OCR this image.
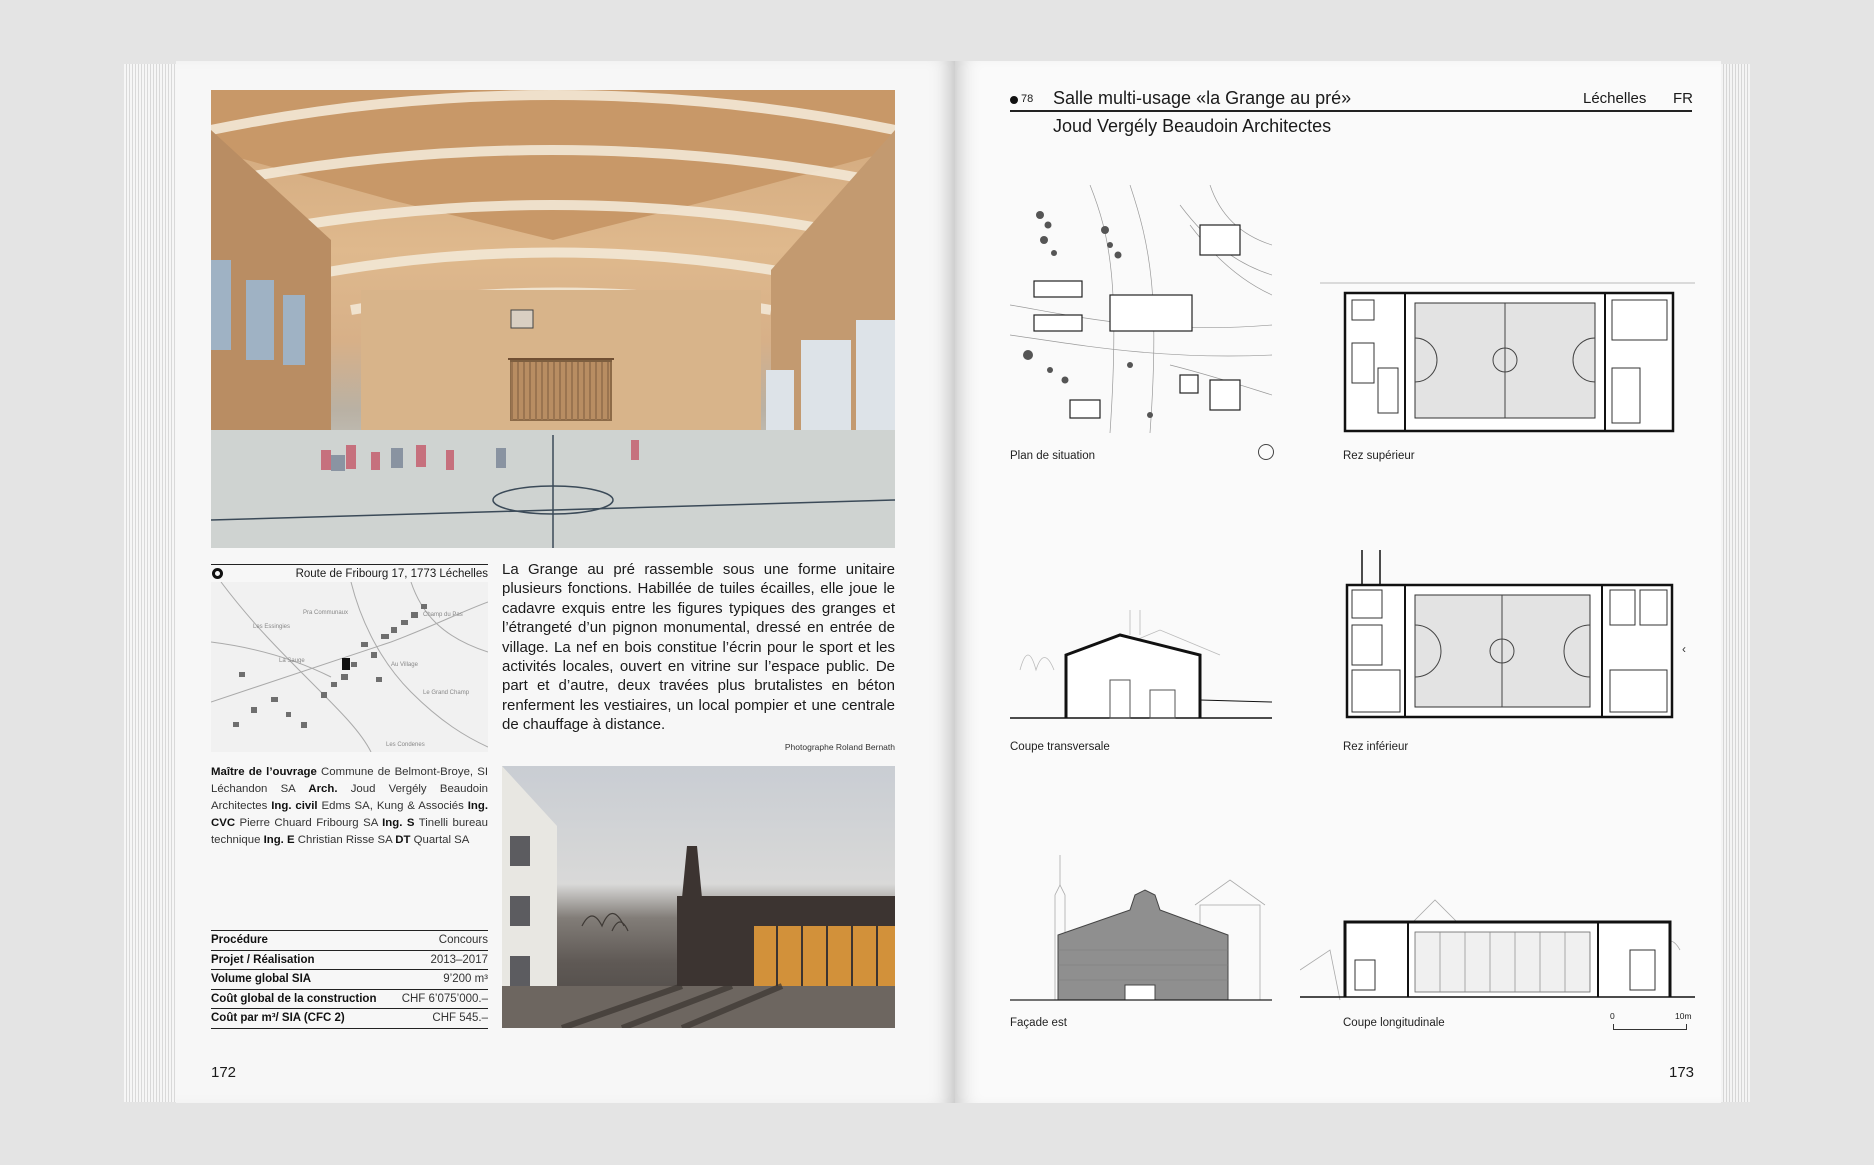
Route de Fribourg 17, 1773 Léchelles
Pra Communaux
Les Essingies
La Sauge
Au Village
Le Grand Champ
Les Condenes
Champ du Pas
La Grange au pré rassemble sous une forme unitaire plusieurs fonctions. Habillée de tuiles écailles, elle joue le cadavre exquis entre les figures typiques des granges et l’étrangeté d’un pignon monumental, dressé en entrée de village. La nef en bois constitue l’écrin pour le sport et les activités locales, ouvert en vitrine sur l’espace public. De part et d’autre, deux travées plus brutalistes en béton renferment les vestiaires, un local pompier et une centrale de chauffage à distance.
Photographe Roland Bernath
Maître de l’ouvrage Commune de Belmont-Broye, SI Léchandon SA Arch. Joud Vergély Beaudoin Architectes Ing. civil Edms SA, Kung & Associés Ing. CVC Pierre Chuard Fribourg SA Ing. S Tinelli bureau technique Ing. E Christian Risse SA DT Quartal SA
Procédure	Concours
Projet / Réalisation	2013–2017
Volume global SIA	9’200 m³
Coût global de la construction CHF 6’075’000.–
Coût par m³/ SIA (CFC 2)	CHF 545.–
172
78 Salle multi-usage «la Grange au pré»	Léchelles FR
Joud Vergély Beaudoin Architectes
Plan de situation	Rez supérieur
Coupe transversale
‹
Rez inférieur
Façade est	Coupe longitudinale
0	10m
173
